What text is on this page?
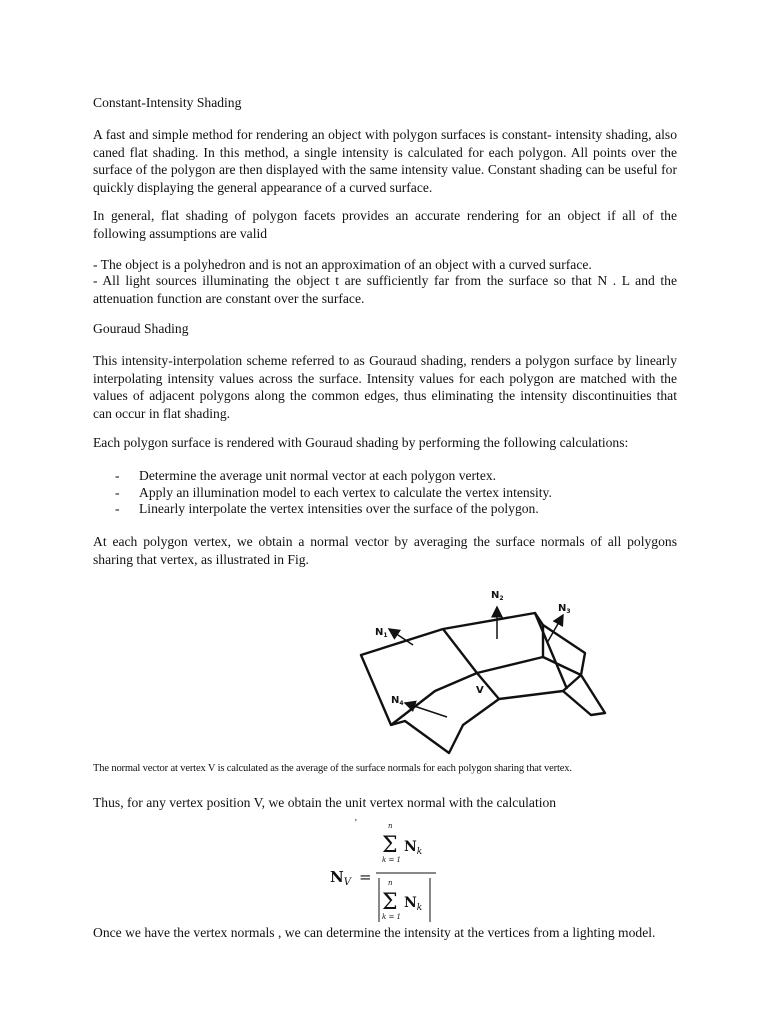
Constant-Intensity Shading
A fast and simple method for rendering an object with polygon surfaces is constant- intensity shading, also caned flat shading. In this method, a single intensity is calculated for each polygon. All points over the surface of the polygon are then displayed with the same intensity value. Constant shading can be useful for quickly displaying the general appearance of a curved surface.
In general, flat shading of polygon facets provides an accurate rendering for an object if all of the following assumptions are valid
- The object is a polyhedron and is not an approximation of an object with a curved surface.
- All light sources illuminating the object t are sufficiently far from the surface so that N . L and the attenuation function are constant over the surface.
Gouraud Shading
This intensity-interpolation scheme referred to as Gouraud shading, renders a polygon surface by linearly interpolating intensity values across the surface. Intensity values for each polygon are matched with the values of adjacent polygons along the common edges, thus eliminating the intensity discontinuities that can occur in flat shading.
Each polygon surface is rendered with Gouraud shading by performing the following calculations:
- Determine the average unit normal vector at each polygon vertex.
- Apply an illumination model to each vertex to calculate the vertex intensity.
- Linearly interpolate the vertex intensities over the surface of the polygon.
At each polygon vertex, we obtain a normal vector by averaging the surface normals of all polygons sharing that vertex, as illustrated in Fig.
$N_1$
$N_2$
$N_3$
$N_4$
V
The normal vector at vertex V is calculated as the average of the surface normals for each polygon sharing that vertex.
Thus, for any vertex position V, we obtain the unit vertex normal with the calculation
Once we have the vertex normals , we can determine the intensity at the vertices from a lighting model.
'
$N_V$ =
n
Σ
k = 1
$N_k$
n
Σ
k = 1
$N_k$
